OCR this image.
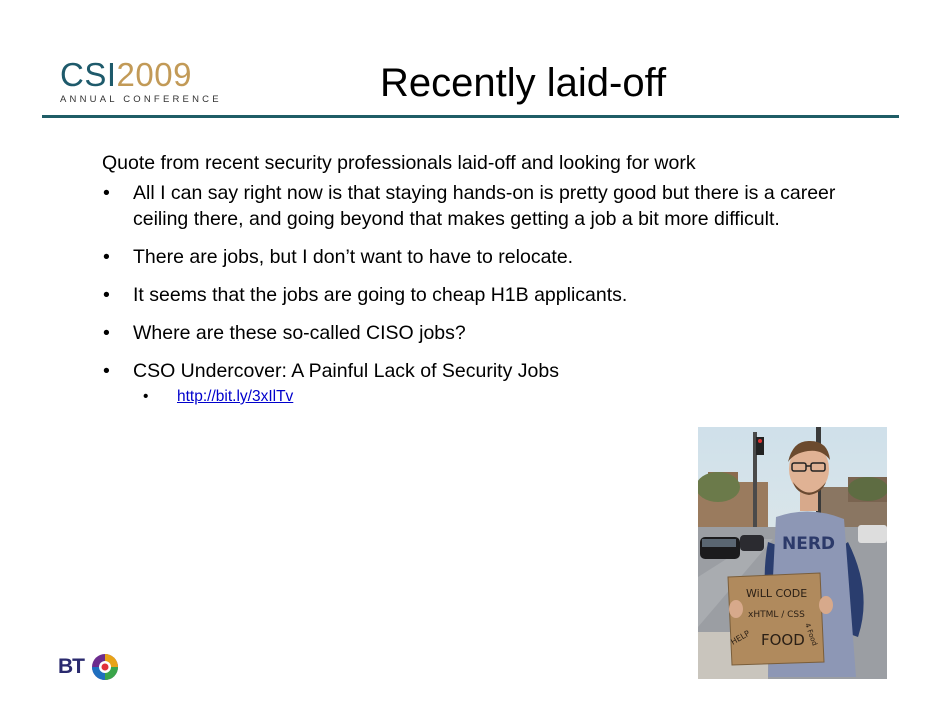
CSI2009
ANNUAL CONFERENCE	Recently laid-off

Quote from recent security professionals laid-off and looking for work

• All I can say right now is that staying hands-on is pretty good but there is a career ceiling there, and going beyond that makes getting a job a bit more difficult.
• There are jobs, but I don’t want to have to relocate.
• It seems that the jobs are going to cheap H1B applicants.
• Where are these so-called CISO jobs?
• CSO Undercover: A Painful Lack of Security Jobs
• http://bit.ly/3xIlTv
NERD
WiLL CODE
xHTML / CSS
FOOD
HELP	4 Food
BT
